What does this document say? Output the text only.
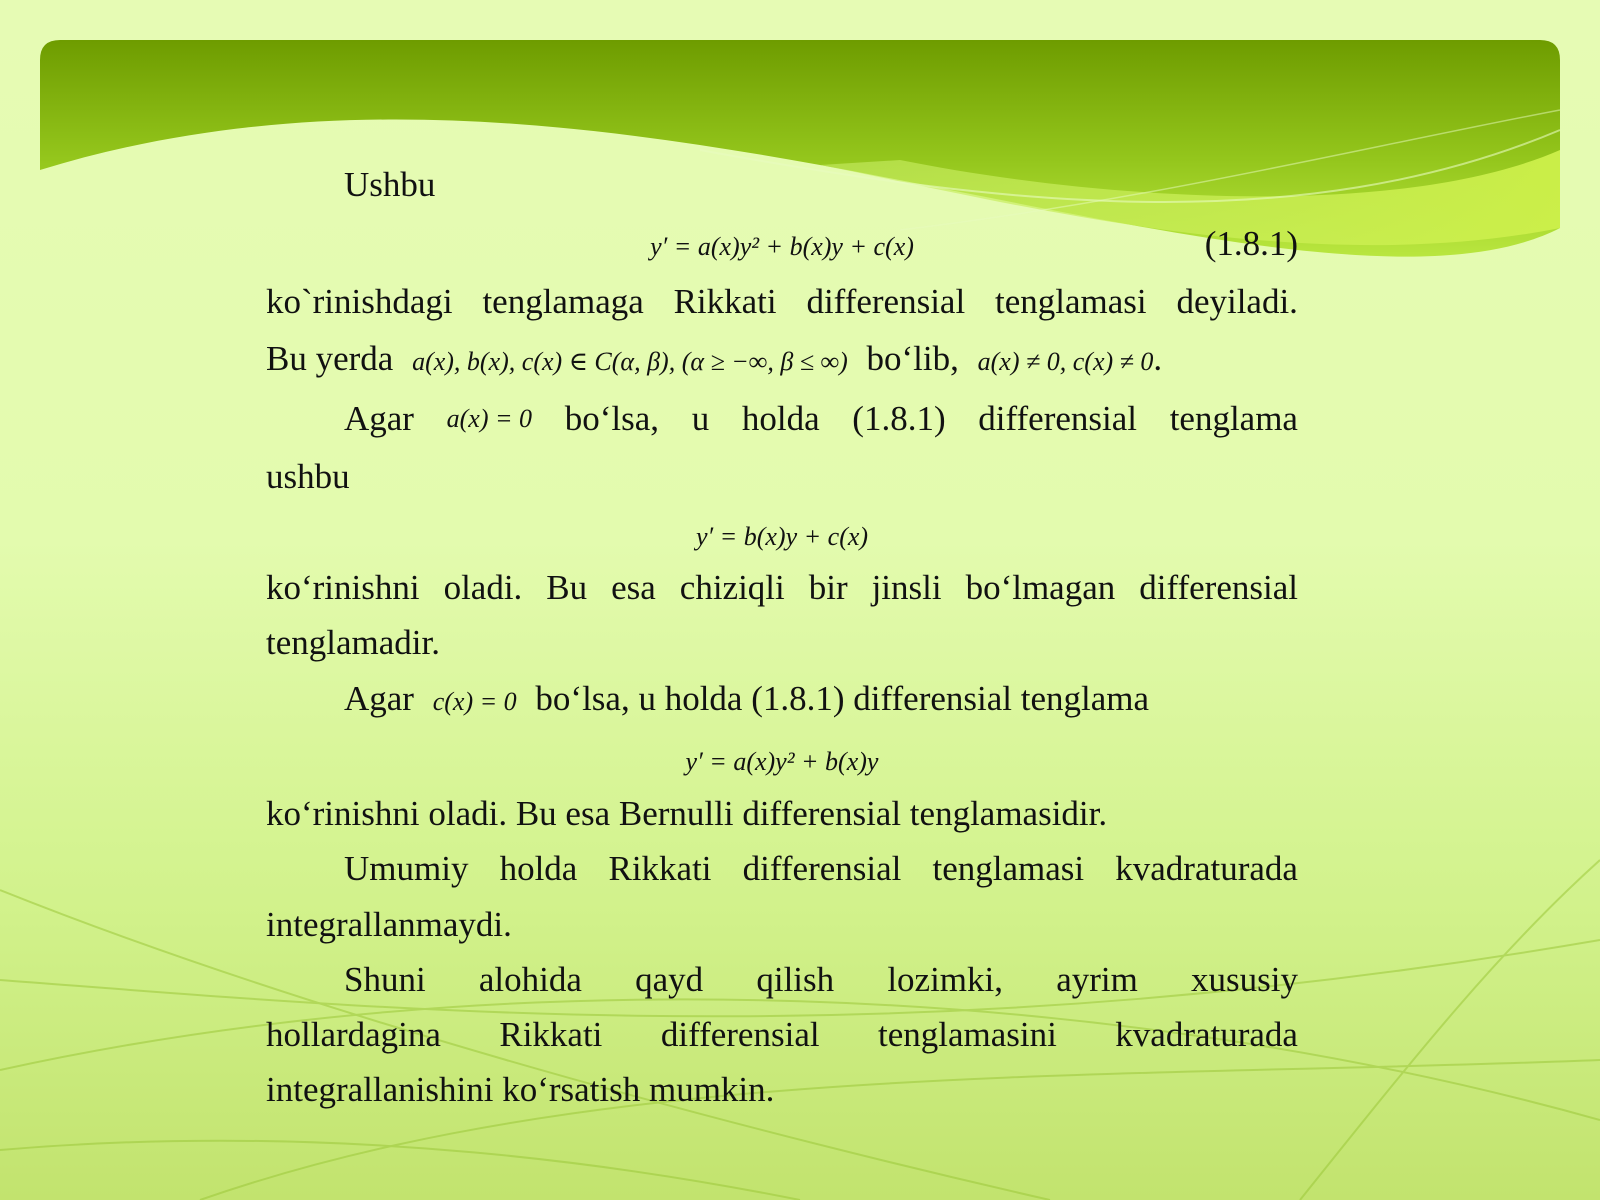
Ushbu
y′ = a(x)y² + b(x)y + c(x)	(1.8.1)
ko`rinishdagi tenglamaga Rikkati differensial tenglamasi deyiladi.
Bu yerda a(x), b(x), c(x) ∈ C(α, β), (α ≥ −∞, β ≤ ∞) bo‘lib, a(x) ≠ 0, c(x) ≠ 0.
Agar a(x) = 0 bo‘lsa, u holda (1.8.1) differensial tenglama
ushbu
y′ = b(x)y + c(x)
ko‘rinishni oladi. Bu esa chiziqli bir jinsli bo‘lmagan differensial
tenglamadir.
Agar c(x) = 0 bo‘lsa, u holda (1.8.1) differensial tenglama
y′ = a(x)y² + b(x)y
ko‘rinishni oladi. Bu esa Bernulli differensial tenglamasidir.
Umumiy holda Rikkati differensial tenglamasi kvadraturada
integrallanmaydi.
Shuni alohida qayd qilish lozimki, ayrim xususiy
hollardagina Rikkati differensial tenglamasini kvadraturada
integrallanishini ko‘rsatish mumkin.
